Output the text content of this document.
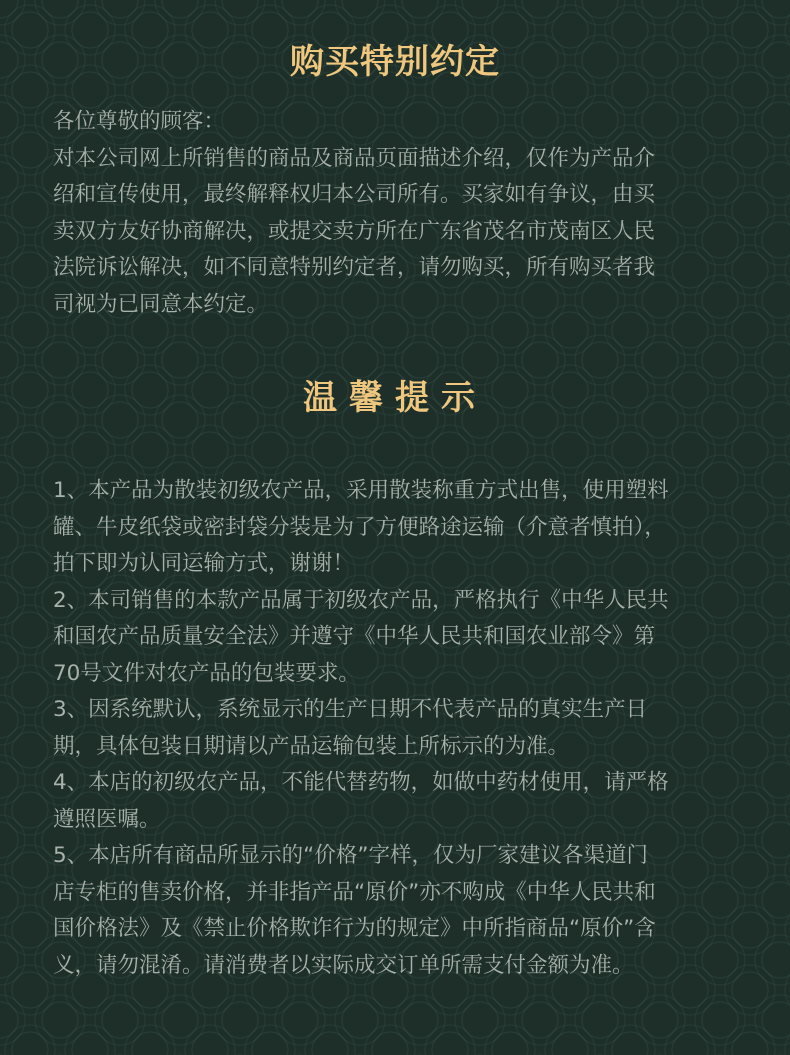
购买特别约定
各位尊敬的顾客：
对本公司网上所销售的商品及商品页面描述介绍，仅作为产品介
绍和宣传使用，最终解释权归本公司所有。买家如有争议，由买
卖双方友好协商解决，或提交卖方所在广东省茂名市茂南区人民
法院诉讼解决，如不同意特别约定者，请勿购买，所有购买者我
司视为已同意本约定。
温馨提示
1、本产品为散装初级农产品，采用散装称重方式出售，使用塑料
罐、牛皮纸袋或密封袋分装是为了方便路途运输（介意者慎拍），
拍下即为认同运输方式，谢谢！
2、本司销售的本款产品属于初级农产品，严格执行《中华人民共
和国农产品质量安全法》并遵守《中华人民共和国农业部令》第
70号文件对农产品的包装要求。
3、因系统默认，系统显示的生产日期不代表产品的真实生产日
期，具体包装日期请以产品运输包装上所标示的为准。
4、本店的初级农产品，不能代替药物，如做中药材使用，请严格
遵照医嘱。
5、本店所有商品所显示的“价格”字样，仅为厂家建议各渠道门
店专柜的售卖价格，并非指产品“原价”亦不购成《中华人民共和
国价格法》及《禁止价格欺诈行为的规定》中所指商品“原价”含
义，请勿混淆。请消费者以实际成交订单所需支付金额为准。
